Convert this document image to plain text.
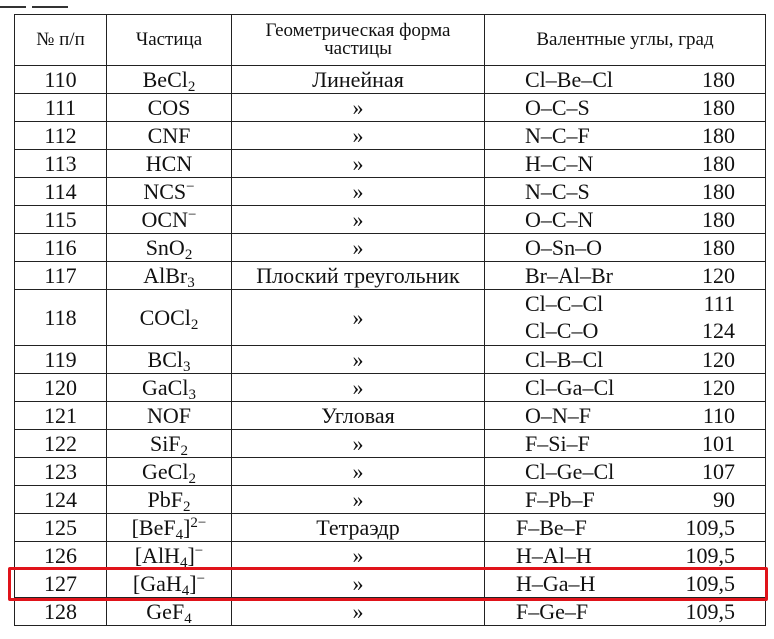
№ п/п	Частица	Геометрическая форма
частицы	Валентные углы, град
110	BeCl$_2$	Линейная	Cl–Be–Cl 180

111	COS	»	O–C–S 180

112	CNF	»	N–C–F 180

113	HCN	»	H–C–N 180

114	NCS−	»	N–C–S 180

115	OCN−	»	O–C–N 180

116	SnO$_2$	»	O–Sn–O 180

117	AlBr$_3$	Плоский треугольник	Br–Al–Br 120

118	COCl$_2$	»	Cl–C–Cl 111
Cl–C–O 124

119	BCl$_3$	»	Cl–B–Cl 120

120	GaCl$_3$	»	Cl–Ga–Cl 120

121	NOF	Угловая	O–N–F 110

122	SiF$_2$	»	F–Si–F 101

123	GeCl$_2$	»	Cl–Ge–Cl 107

124	PbF$_2$	»	F–Pb–F 90

125	$[BeF_4]^{2-}$	Тетраэдр	F–Be–F 109,5

126	[AlH$_4$]−	»	H–Al–H 109,5

127	[GaH$_4$]−	»	H–Ga–H 109,5

128	GeF$_4$	»	F–Ge–F 109,5
